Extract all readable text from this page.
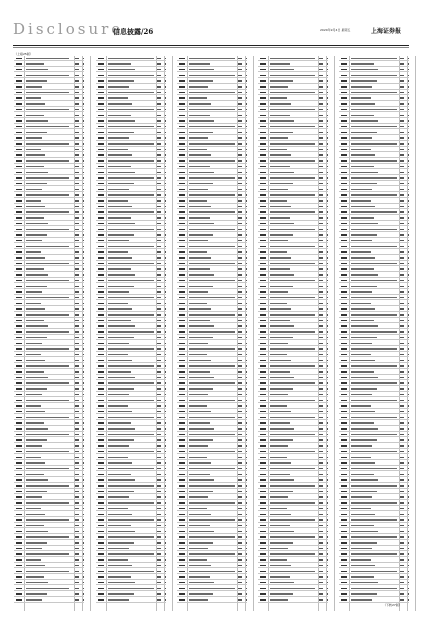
Disclosure
信息披露/26	2020年9月4日 星期五	上海证券报
（上接25版）
（下转27版）
